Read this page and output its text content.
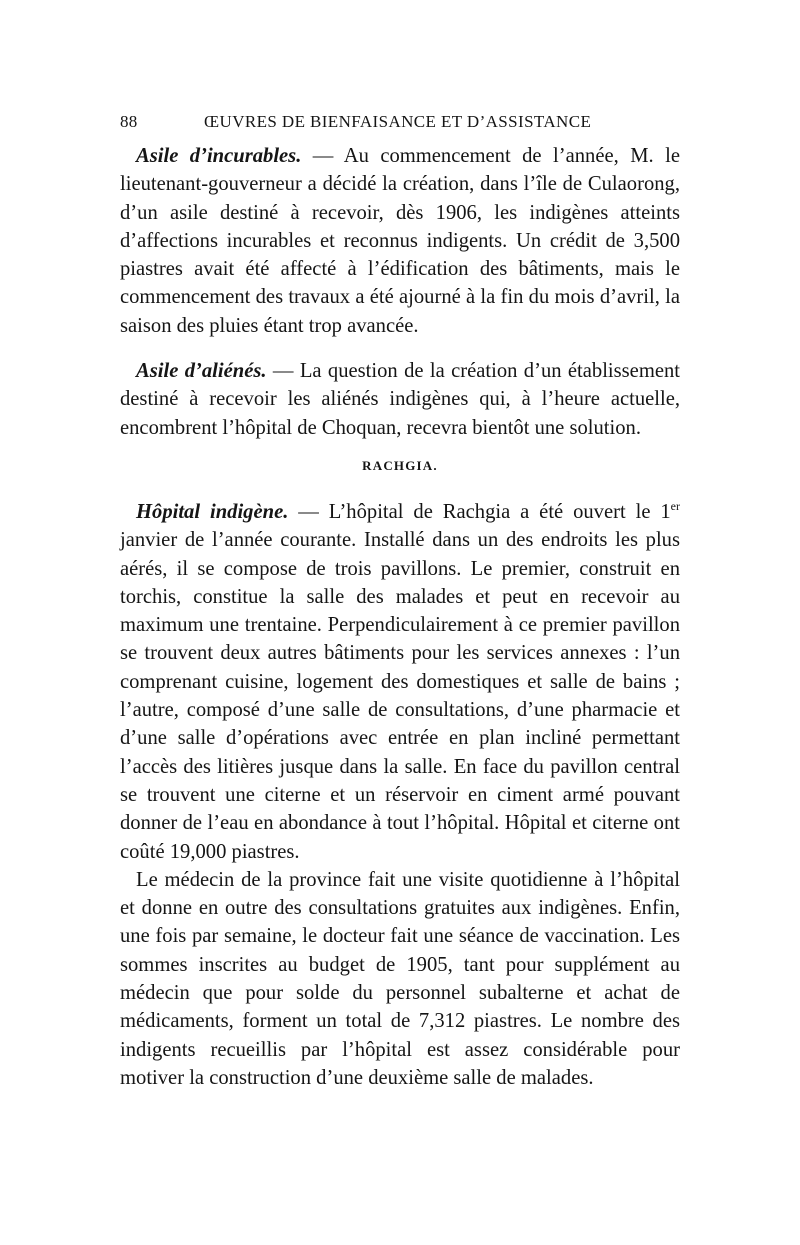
88	ŒUVRES DE BIENFAISANCE ET D’ASSISTANCE

Asile d’incurables. — Au commencement de l’année, M. le lieutenant-gouverneur a décidé la création, dans l’île de Culaorong, d’un asile destiné à recevoir, dès 1906, les indigènes atteints d’affections incurables et reconnus indigents. Un crédit de 3,500 piastres avait été affecté à l’édification des bâtiments, mais le commencement des travaux a été ajourné à la fin du mois d’avril, la saison des pluies étant trop avancée.

Asile d’aliénés. — La question de la création d’un établissement destiné à recevoir les aliénés indigènes qui, à l’heure actuelle, encombrent l’hôpital de Choquan, recevra bientôt une solution.

RACHGIA.

Hôpital indigène. — L’hôpital de Rachgia a été ouvert le 1er janvier de l’année courante. Installé dans un des endroits les plus aérés, il se compose de trois pavillons. Le premier, construit en torchis, constitue la salle des malades et peut en recevoir au maximum une trentaine. Perpendiculairement à ce premier pavillon se trouvent deux autres bâtiments pour les services annexes : l’un comprenant cuisine, logement des domestiques et salle de bains ; l’autre, composé d’une salle de consultations, d’une pharmacie et d’une salle d’opérations avec entrée en plan incliné permettant l’accès des litières jusque dans la salle. En face du pavillon central se trouvent une citerne et un réservoir en ciment armé pouvant donner de l’eau en abondance à tout l’hôpital. Hôpital et citerne ont coûté 19,000 piastres.

Le médecin de la province fait une visite quotidienne à l’hôpital et donne en outre des consultations gratuites aux indigènes. Enfin, une fois par semaine, le docteur fait une séance de vaccination. Les sommes inscrites au budget de 1905, tant pour supplément au médecin que pour solde du personnel subalterne et achat de médicaments, forment un total de 7,312 piastres. Le nombre des indigents recueillis par l’hôpital est assez considérable pour motiver la construction d’une deuxième salle de malades.
